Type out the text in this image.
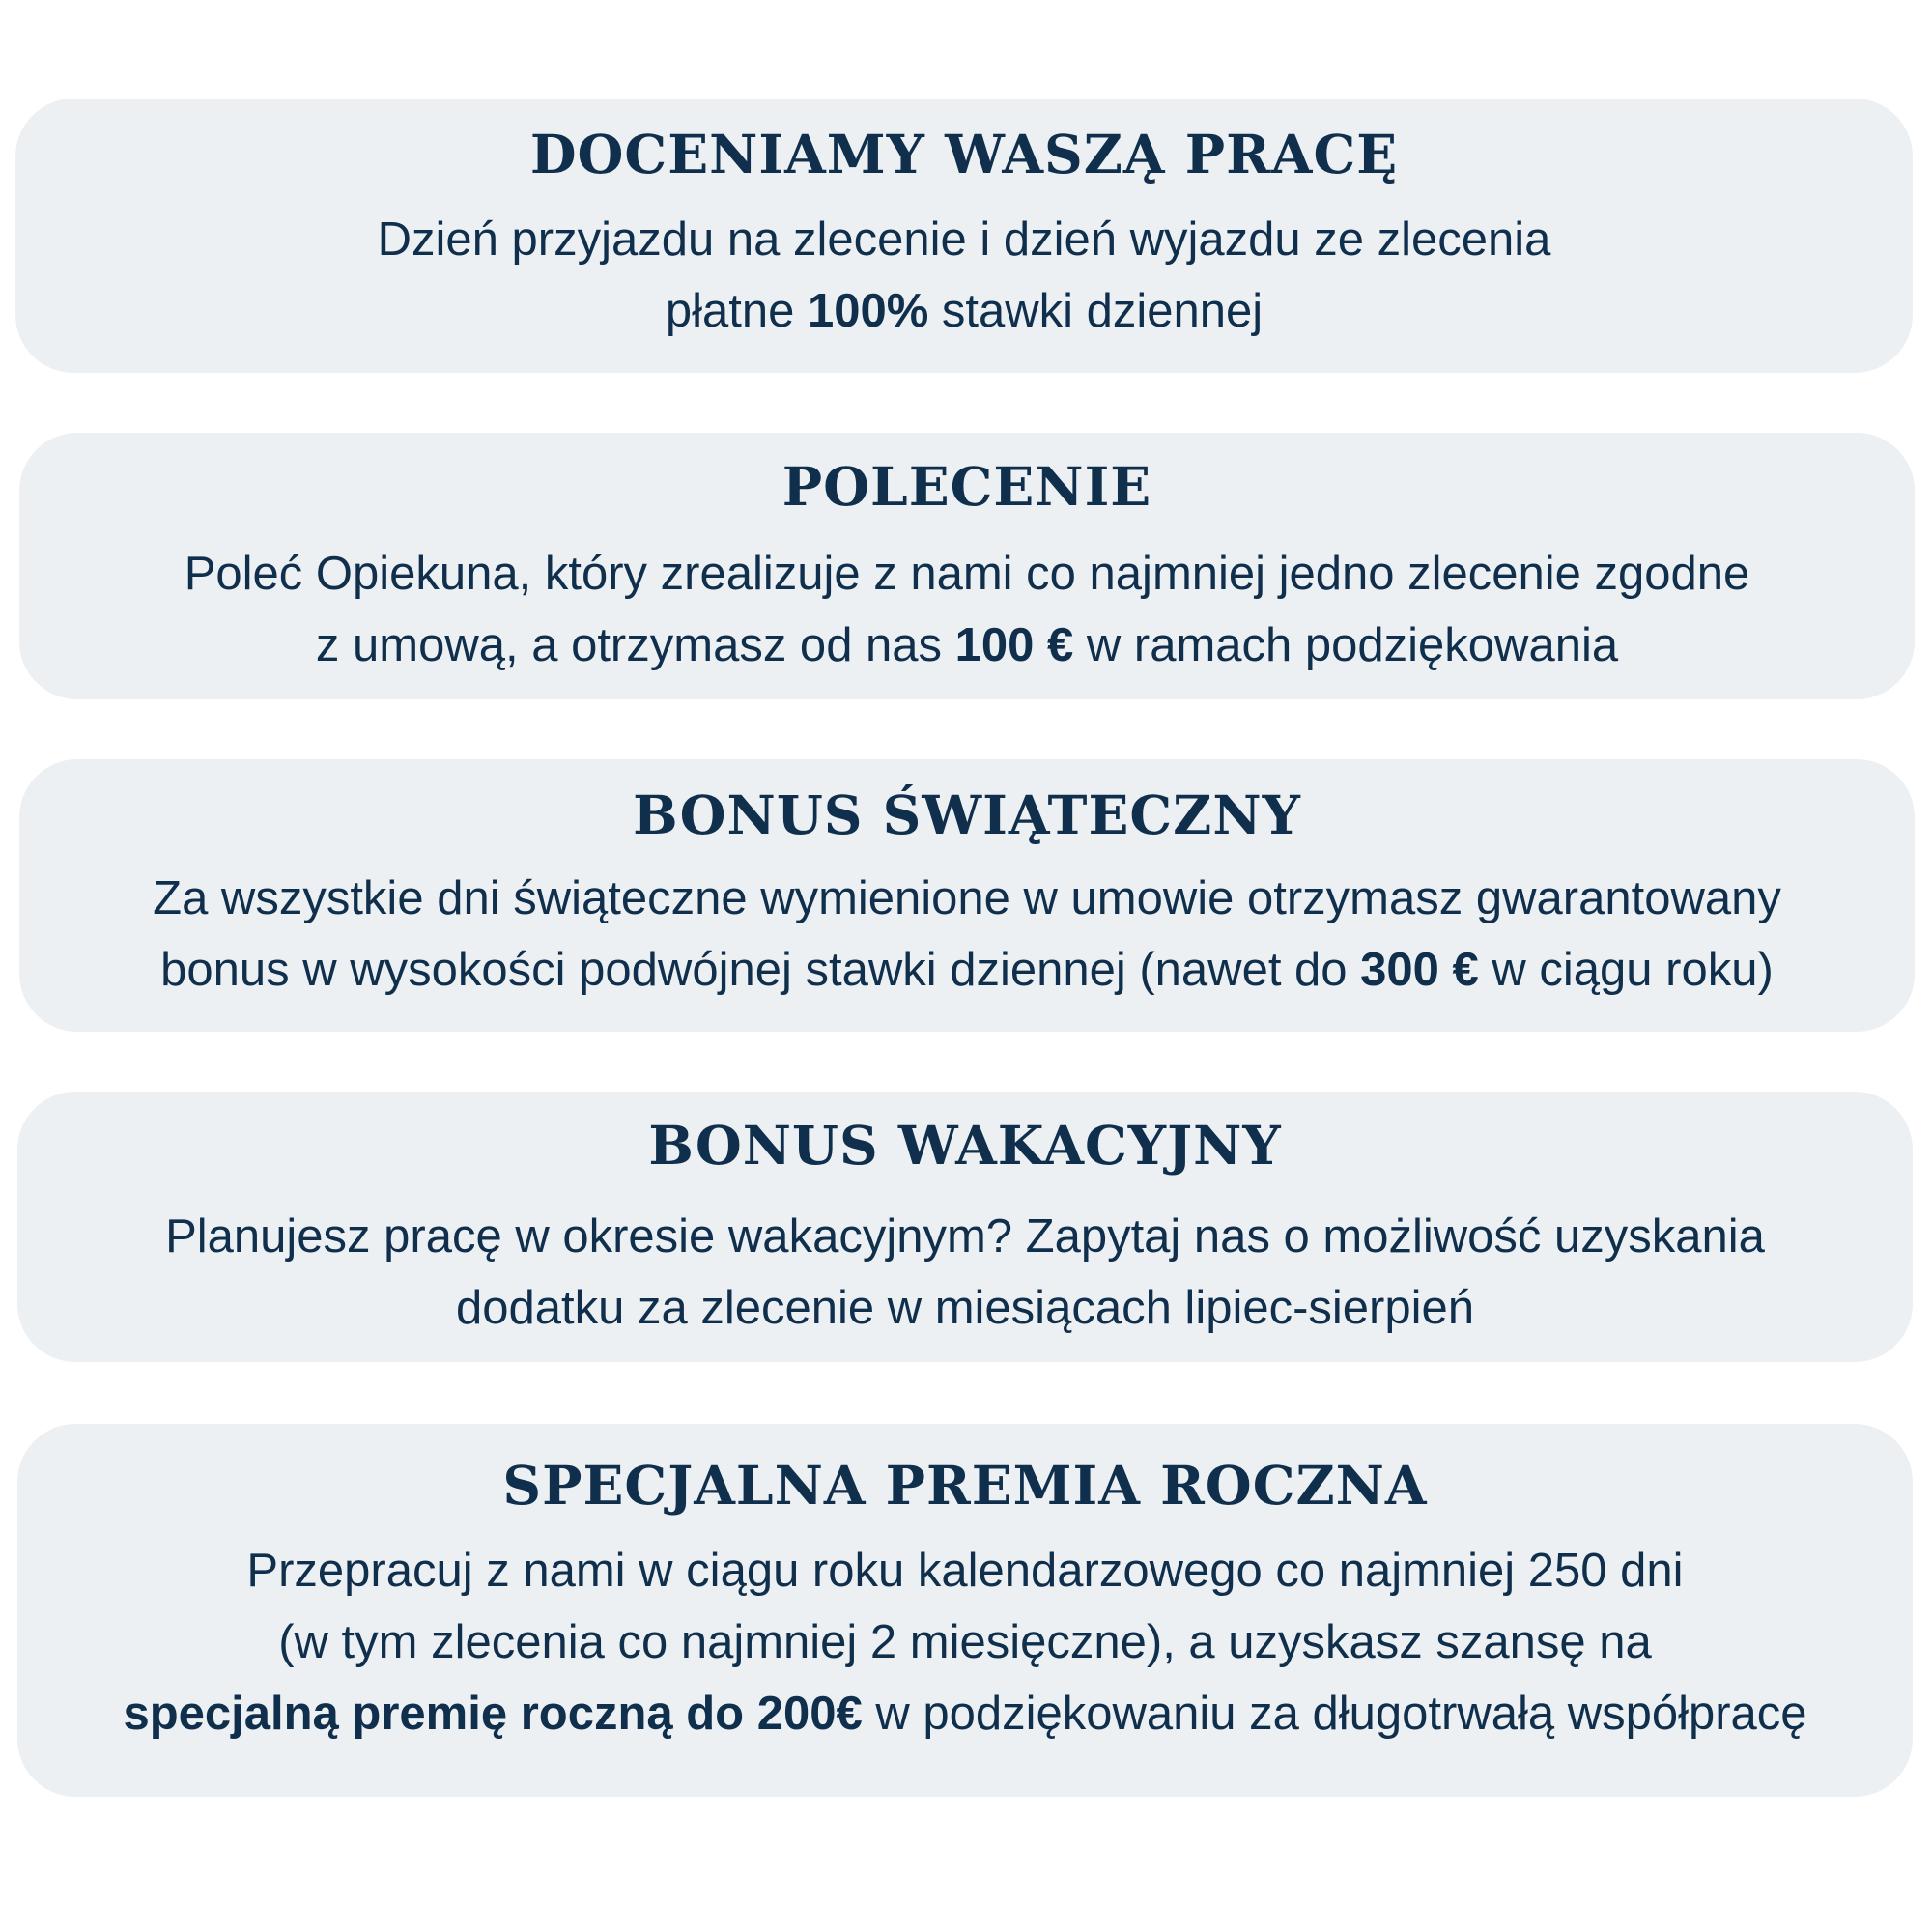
DOCENIAMY WASZĄ PRACĘ

Dzień przyjazdu na zlecenie i dzień wyjazdu ze zlecenia
płatne 100% stawki dziennej

POLECENIE

Poleć Opiekuna, który zrealizuje z nami co najmniej jedno zlecenie zgodne
z umową, a otrzymasz od nas 100 € w ramach podziękowania

BONUS ŚWIĄTECZNY

Za wszystkie dni świąteczne wymienione w umowie otrzymasz gwarantowany
bonus w wysokości podwójnej stawki dziennej (nawet do 300 € w ciągu roku)

BONUS WAKACYJNY

Planujesz pracę w okresie wakacyjnym? Zapytaj nas o możliwość uzyskania
dodatku za zlecenie w miesiącach lipiec-sierpień

SPECJALNA PREMIA ROCZNA

Przepracuj z nami w ciągu roku kalendarzowego co najmniej 250 dni
(w tym zlecenia co najmniej 2 miesięczne), a uzyskasz szansę na
specjalną premię roczną do 200€ w podziękowaniu za długotrwałą współpracę
